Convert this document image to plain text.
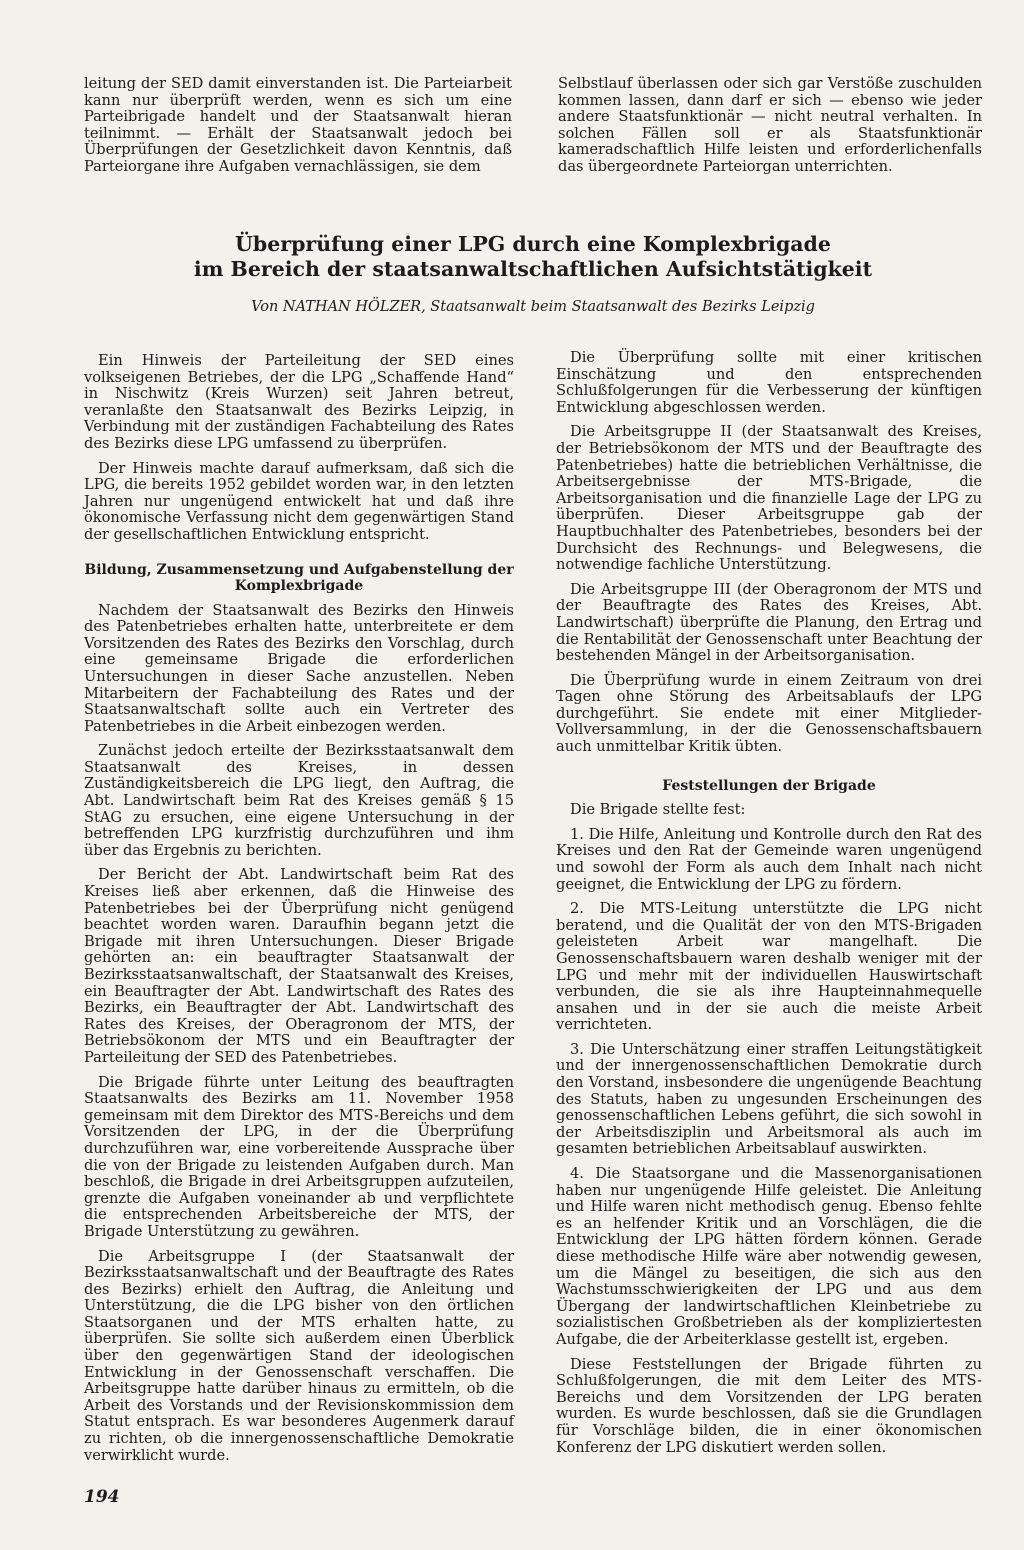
leitung der SED damit einverstanden ist. Die Parteiarbeit kann nur überprüft werden, wenn es sich um eine Parteibrigade handelt und der Staatsanwalt hieran teilnimmt. — Erhält der Staatsanwalt jedoch bei Überprüfungen der Gesetzlichkeit davon Kenntnis, daß Parteiorgane ihre Aufgaben vernachlässigen, sie dem

Selbstlauf überlassen oder sich gar Verstöße zuschulden kommen lassen, dann darf er sich — ebenso wie jeder andere Staatsfunktionär — nicht neutral verhalten. In solchen Fällen soll er als Staatsfunktionär kameradschaftlich Hilfe leisten und erforderlichenfalls das übergeordnete Parteiorgan unterrichten.

Überprüfung einer LPG durch eine Komplexbrigade
im Bereich der staatsanwaltschaftlichen Aufsichtstätigkeit
Von NATHAN HÖLZER, Staatsanwalt beim Staatsanwalt des Bezirks Leipzig

Ein Hinweis der Parteileitung der SED eines volkseigenen Betriebes, der die LPG „Schaffende Hand“ in Nischwitz (Kreis Wurzen) seit Jahren betreut, veranlaßte den Staatsanwalt des Bezirks Leipzig, in Verbindung mit der zuständigen Fachabteilung des Rates des Bezirks diese LPG umfassend zu überprüfen.

Der Hinweis machte darauf aufmerksam, daß sich die LPG, die bereits 1952 gebildet worden war, in den letzten Jahren nur ungenügend entwickelt hat und daß ihre ökonomische Verfassung nicht dem gegenwärtigen Stand der gesellschaftlichen Entwicklung entspricht.

Bildung, Zusammensetzung und Aufgabenstellung der Komplexbrigade

Nachdem der Staatsanwalt des Bezirks den Hinweis des Patenbetriebes erhalten hatte, unterbreitete er dem Vorsitzenden des Rates des Bezirks den Vorschlag, durch eine gemeinsame Brigade die erforderlichen Untersuchungen in dieser Sache anzustellen. Neben Mitarbeitern der Fachabteilung des Rates und der Staatsanwaltschaft sollte auch ein Vertreter des Patenbetriebes in die Arbeit einbezogen werden.

Zunächst jedoch erteilte der Bezirksstaatsanwalt dem Staatsanwalt des Kreises, in dessen Zuständigkeitsbereich die LPG liegt, den Auftrag, die Abt. Landwirtschaft beim Rat des Kreises gemäß § 15 StAG zu ersuchen, eine eigene Untersuchung in der betreffenden LPG kurzfristig durchzuführen und ihm über das Ergebnis zu berichten.

Der Bericht der Abt. Landwirtschaft beim Rat des Kreises ließ aber erkennen, daß die Hinweise des Patenbetriebes bei der Überprüfung nicht genügend beachtet worden waren. Daraufhin begann jetzt die Brigade mit ihren Untersuchungen. Dieser Brigade gehörten an: ein beauftragter Staatsanwalt der Bezirksstaatsanwaltschaft, der Staatsanwalt des Kreises, ein Beauftragter der Abt. Landwirtschaft des Rates des Bezirks, ein Beauftragter der Abt. Landwirtschaft des Rates des Kreises, der Oberagronom der MTS, der Betriebsökonom der MTS und ein Beauftragter der Parteileitung der SED des Patenbetriebes.

Die Brigade führte unter Leitung des beauftragten Staatsanwalts des Bezirks am 11. November 1958 gemeinsam mit dem Direktor des MTS-Bereichs und dem Vorsitzenden der LPG, in der die Überprüfung durchzuführen war, eine vorbereitende Aussprache über die von der Brigade zu leistenden Aufgaben durch. Man beschloß, die Brigade in drei Arbeitsgruppen aufzuteilen, grenzte die Aufgaben voneinander ab und verpflichtete die entsprechenden Arbeitsbereiche der MTS, der Brigade Unterstützung zu gewähren.

Die Arbeitsgruppe I (der Staatsanwalt der Bezirksstaatsanwaltschaft und der Beauftragte des Rates des Bezirks) erhielt den Auftrag, die Anleitung und Unterstützung, die die LPG bisher von den örtlichen Staatsorganen und der MTS erhalten hatte, zu überprüfen. Sie sollte sich außerdem einen Überblick über den gegenwärtigen Stand der ideologischen Entwicklung in der Genossenschaft verschaffen. Die Arbeitsgruppe hatte darüber hinaus zu ermitteln, ob die Arbeit des Vorstands und der Revisionskommission dem Statut entsprach. Es war besonderes Augenmerk darauf zu richten, ob die innergenossenschaftliche Demokratie verwirklicht wurde.

Die Überprüfung sollte mit einer kritischen Einschätzung und den entsprechenden Schlußfolgerungen für die Verbesserung der künftigen Entwicklung abgeschlossen werden.

Die Arbeitsgruppe II (der Staatsanwalt des Kreises, der Betriebsökonom der MTS und der Beauftragte des Patenbetriebes) hatte die betrieblichen Verhältnisse, die Arbeitsergebnisse der MTS-Brigade, die Arbeitsorganisation und die finanzielle Lage der LPG zu überprüfen. Dieser Arbeitsgruppe gab der Hauptbuchhalter des Patenbetriebes, besonders bei der Durchsicht des Rechnungs- und Belegwesens, die notwendige fachliche Unterstützung.

Die Arbeitsgruppe III (der Oberagronom der MTS und der Beauftragte des Rates des Kreises, Abt. Landwirtschaft) überprüfte die Planung, den Ertrag und die Rentabilität der Genossenschaft unter Beachtung der bestehenden Mängel in der Arbeitsorganisation.

Die Überprüfung wurde in einem Zeitraum von drei Tagen ohne Störung des Arbeitsablaufs der LPG durchgeführt. Sie endete mit einer Mitglieder-Vollversammlung, in der die Genossenschaftsbauern auch unmittelbar Kritik übten.

Feststellungen der Brigade

Die Brigade stellte fest:

1. Die Hilfe, Anleitung und Kontrolle durch den Rat des Kreises und den Rat der Gemeinde waren ungenügend und sowohl der Form als auch dem Inhalt nach nicht geeignet, die Entwicklung der LPG zu fördern.

2. Die MTS-Leitung unterstützte die LPG nicht beratend, und die Qualität der von den MTS-Brigaden geleisteten Arbeit war mangelhaft. Die Genossenschaftsbauern waren deshalb weniger mit der LPG und mehr mit der individuellen Hauswirtschaft verbunden, die sie als ihre Haupteinnahmequelle ansahen und in der sie auch die meiste Arbeit verrichteten.

3. Die Unterschätzung einer straffen Leitungstätigkeit und der innergenossenschaftlichen Demokratie durch den Vorstand, insbesondere die ungenügende Beachtung des Statuts, haben zu ungesunden Erscheinungen des genossenschaftlichen Lebens geführt, die sich sowohl in der Arbeitsdisziplin und Arbeitsmoral als auch im gesamten betrieblichen Arbeitsablauf auswirkten.

4. Die Staatsorgane und die Massenorganisationen haben nur ungenügende Hilfe geleistet. Die Anleitung und Hilfe waren nicht methodisch genug. Ebenso fehlte es an helfender Kritik und an Vorschlägen, die die Entwicklung der LPG hätten fördern können. Gerade diese methodische Hilfe wäre aber notwendig gewesen, um die Mängel zu beseitigen, die sich aus den Wachstumsschwierigkeiten der LPG und aus dem Übergang der landwirtschaftlichen Kleinbetriebe zu sozialistischen Großbetrieben als der kompliziertesten Aufgabe, die der Arbeiterklasse gestellt ist, ergeben.

Diese Feststellungen der Brigade führten zu Schlußfolgerungen, die mit dem Leiter des MTS-Bereichs und dem Vorsitzenden der LPG beraten wurden. Es wurde beschlossen, daß sie die Grundlagen für Vorschläge bilden, die in einer ökonomischen Konferenz der LPG diskutiert werden sollen.

194
